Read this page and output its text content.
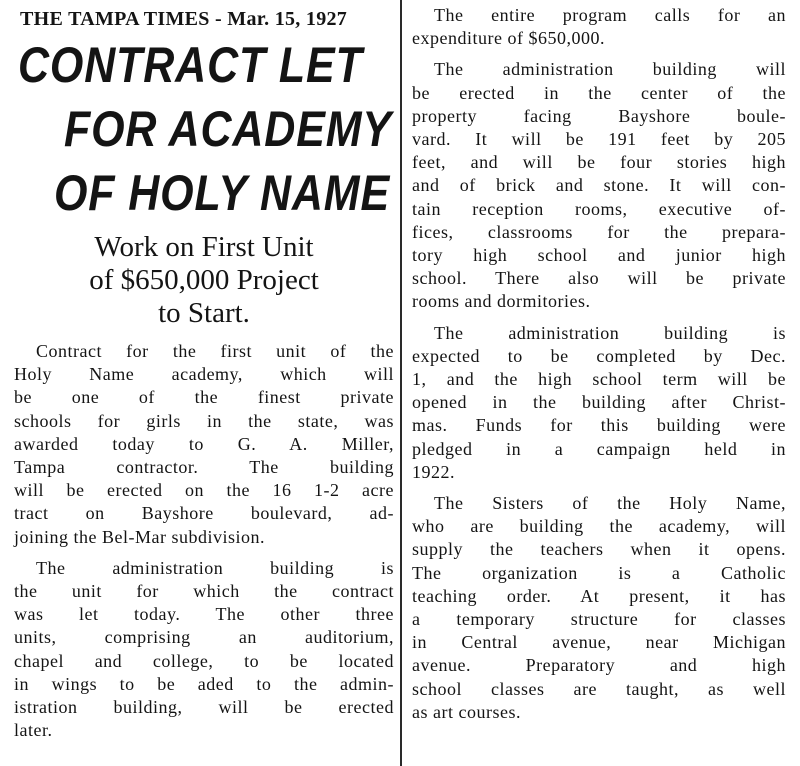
THE TAMPA TIMES - Mar. 15, 1927
CONTRACT LET
FOR ACADEMY
OF HOLY NAME
Work on First Unit
of $650,000 Project
to Start.
Contract for the first unit of the
Holy Name academy, which will
be one of the finest private
schools for girls in the state, was
awarded today to G. A. Miller,
Tampa contractor. The building
will be erected on the 16 1-2 acre
tract on Bayshore boulevard, ad-
joining the Bel-Mar subdivision.
The administration building is
the unit for which the contract
was let today. The other three
units, comprising an auditorium,
chapel and college, to be located
in wings to be aded to the admin-
istration building, will be erected
later.
The entire program calls for an
expenditure of $650,000.
The administration building will
be erected in the center of the
property facing Bayshore boule-
vard. It will be 191 feet by 205
feet, and will be four stories high
and of brick and stone. It will con-
tain reception rooms, executive of-
fices, classrooms for the prepara-
tory high school and junior high
school. There also will be private
rooms and dormitories.
The administration building is
expected to be completed by Dec.
1, and the high school term will be
opened in the building after Christ-
mas. Funds for this building were
pledged in a campaign held in
1922.
The Sisters of the Holy Name,
who are building the academy, will
supply the teachers when it opens.
The organization is a Catholic
teaching order. At present, it has
a temporary structure for classes
in Central avenue, near Michigan
avenue. Preparatory and high
school classes are taught, as well
as art courses.
